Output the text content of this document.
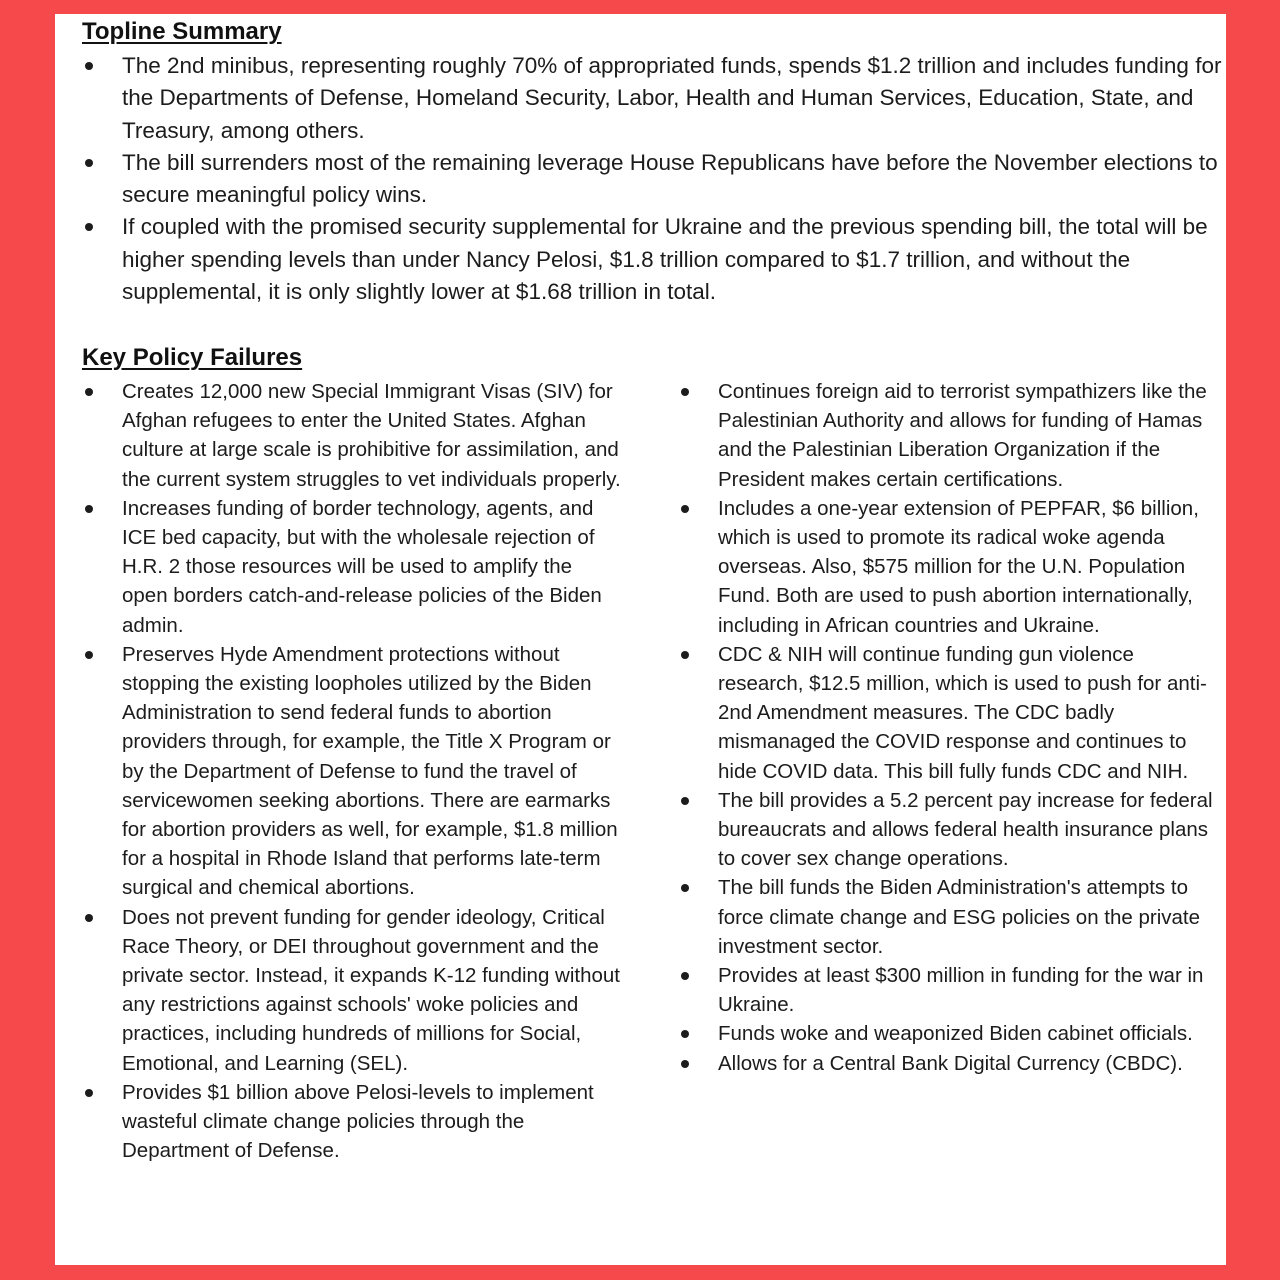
Topline Summary
The 2nd minibus, representing roughly 70% of appropriated funds, spends $1.2 trillion and includes funding for the Departments of Defense, Homeland Security, Labor, Health and Human Services, Education, State, and Treasury, among others.
The bill surrenders most of the remaining leverage House Republicans have before the November elections to secure meaningful policy wins.
If coupled with the promised security supplemental for Ukraine and the previous spending bill, the total will be higher spending levels than under Nancy Pelosi, $1.8 trillion compared to $1.7 trillion, and without the supplemental, it is only slightly lower at $1.68 trillion in total.
Key Policy Failures
Creates 12,000 new Special Immigrant Visas (SIV) for Afghan refugees to enter the United States. Afghan culture at large scale is prohibitive for assimilation, and the current system struggles to vet individuals properly.
Increases funding of border technology, agents, and ICE bed capacity, but with the wholesale rejection of H.R. 2 those resources will be used to amplify the open borders catch-and-release policies of the Biden admin.
Preserves Hyde Amendment protections without stopping the existing loopholes utilized by the Biden Administration to send federal funds to abortion providers through, for example, the Title X Program or by the Department of Defense to fund the travel of servicewomen seeking abortions. There are earmarks for abortion providers as well, for example, $1.8 million for a hospital in Rhode Island that performs late-term surgical and chemical abortions.
Does not prevent funding for gender ideology, Critical Race Theory, or DEI throughout government and the private sector. Instead, it expands K-12 funding without any restrictions against schools' woke policies and practices, including hundreds of millions for Social, Emotional, and Learning (SEL).
Provides $1 billion above Pelosi-levels to implement wasteful climate change policies through the Department of Defense.
Continues foreign aid to terrorist sympathizers like the Palestinian Authority and allows for funding of Hamas and the Palestinian Liberation Organization if the President makes certain certifications.
Includes a one-year extension of PEPFAR, $6 billion, which is used to promote its radical woke agenda overseas. Also, $575 million for the U.N. Population Fund. Both are used to push abortion internationally, including in African countries and Ukraine.
CDC & NIH will continue funding gun violence research, $12.5 million, which is used to push for anti-2nd Amendment measures. The CDC badly mismanaged the COVID response and continues to hide COVID data. This bill fully funds CDC and NIH.
The bill provides a 5.2 percent pay increase for federal bureaucrats and allows federal health insurance plans to cover sex change operations.
The bill funds the Biden Administration's attempts to force climate change and ESG policies on the private investment sector.
Provides at least $300 million in funding for the war in Ukraine.
Funds woke and weaponized Biden cabinet officials.
Allows for a Central Bank Digital Currency (CBDC).
